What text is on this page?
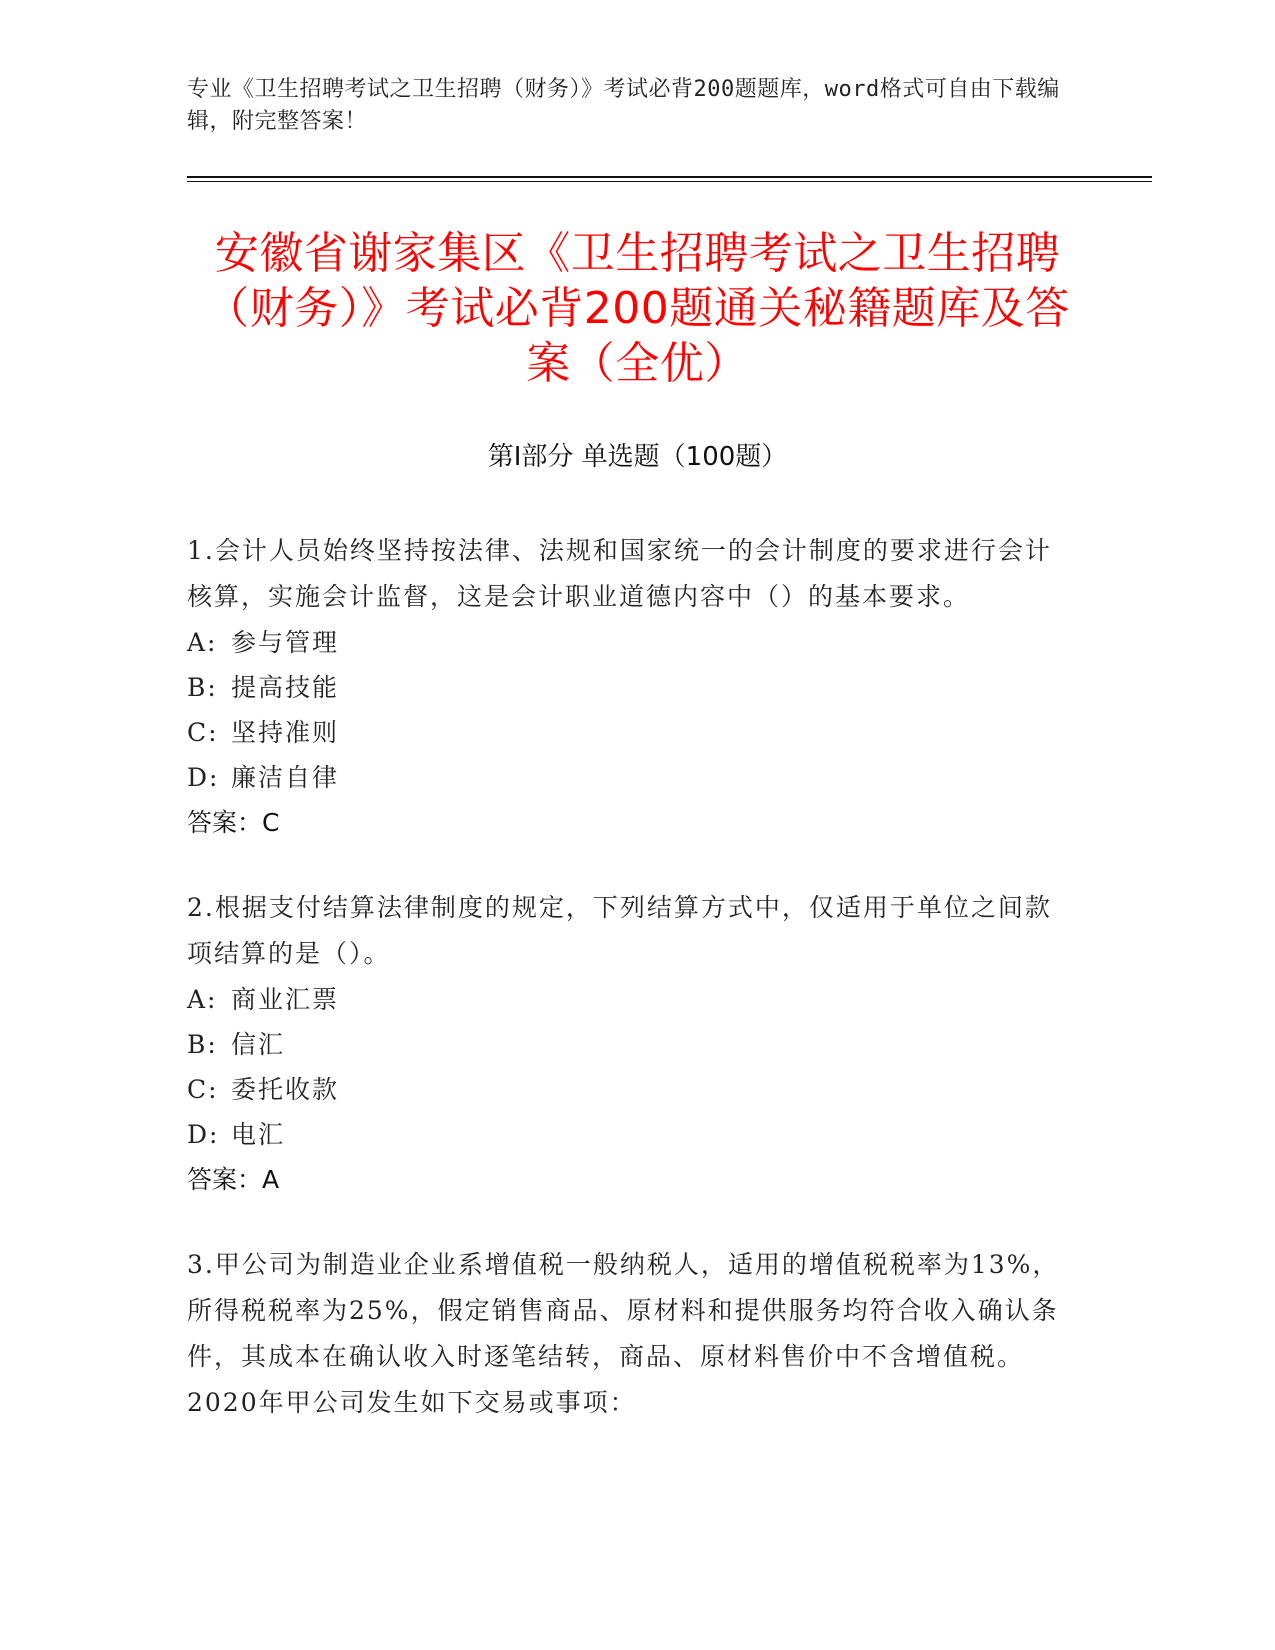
专业《卫生招聘考试之卫生招聘（财务）》考试必背200题题库，word格式可自由下载编辑，附完整答案！
安徽省谢家集区《卫生招聘考试之卫生招聘（财务）》考试必背200题通关秘籍题库及答案（全优）
第I部分 单选题（100题）

1.会计人员始终坚持按法律、法规和国家统一的会计制度的要求进行会计核算，实施会计监督，这是会计职业道德内容中（）的基本要求。

A: 参与管理

B: 提高技能

C: 坚持准则

D: 廉洁自律

答案：C

2.根据支付结算法律制度的规定，下列结算方式中，仅适用于单位之间款项结算的是（）。

A: 商业汇票

B: 信汇

C: 委托收款

D: 电汇

答案：A

3.甲公司为制造业企业系增值税一般纳税人，适用的增值税税率为13%，所得税税率为25%，假定销售商品、原材料和提供服务均符合收入确认条件，其成本在确认收入时逐笔结转，商品、原材料售价中不含增值税。2020年甲公司发生如下交易或事项：
